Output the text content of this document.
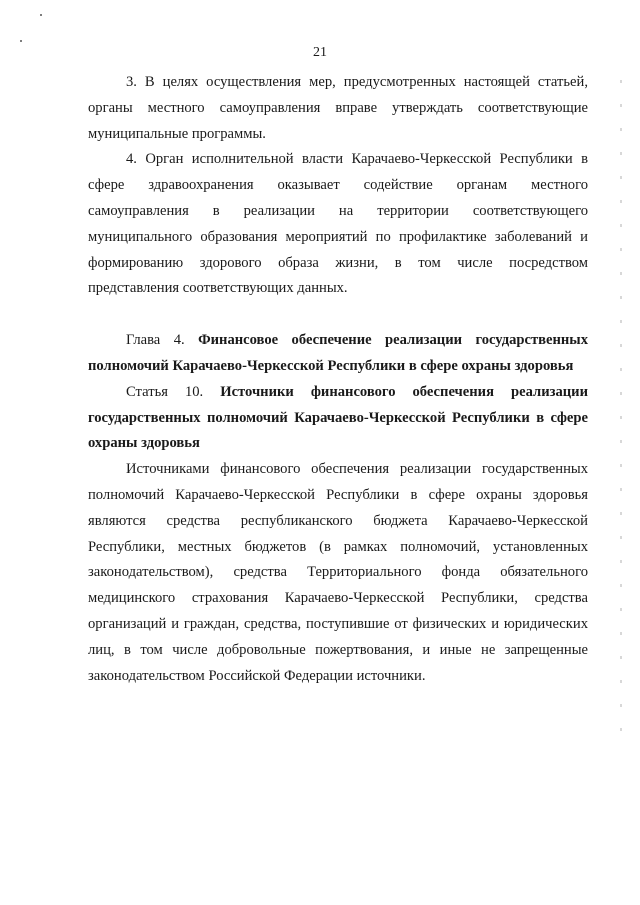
21

3. В целях осуществления мер, предусмотренных настоящей статьей, органы местного самоуправления вправе утверждать соответствующие муниципальные программы.

4. Орган исполнительной власти Карачаево-Черкесской Республики в сфере здравоохранения оказывает содействие органам местного самоуправления в реализации на территории соответствующего муниципального образования мероприятий по профилактике заболеваний и формированию здорового образа жизни, в том числе посредством представления соответствующих данных.

Глава 4. Финансовое обеспечение реализации государственных полномочий Карачаево-Черкесской Республики в сфере охраны здоровья

Статья 10. Источники финансового обеспечения реализации государственных полномочий Карачаево-Черкесской Республики в сфере охраны здоровья

Источниками финансового обеспечения реализации государственных полномочий Карачаево-Черкесской Республики в сфере охраны здоровья являются средства республиканского бюджета Карачаево-Черкесской Республики, местных бюджетов (в рамках полномочий, установленных законодательством), средства Территориального фонда обязательного медицинского страхования Карачаево-Черкесской Республики, средства организаций и граждан, средства, поступившие от физических и юридических лиц, в том числе добровольные пожертвования, и иные не запрещенные законодательством Российской Федерации источники.
